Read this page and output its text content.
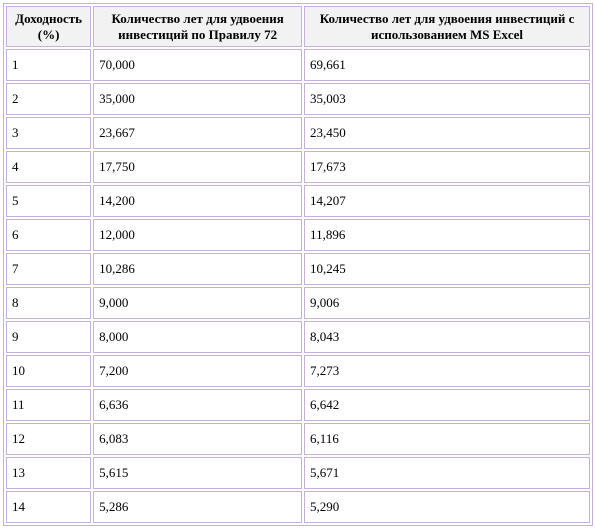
Доходность (%)	Количество лет для удвоения инвестиций по Правилу 72	Количество лет для удвоения инвестиций с использованием MS Excel
1	70,000	69,661
2	35,000	35,003
3	23,667	23,450
4	17,750	17,673
5	14,200	14,207
6	12,000	11,896
7	10,286	10,245
8	9,000	9,006
9	8,000	8,043
10	7,200	7,273
11	6,636	6,642
12	6,083	6,116
13	5,615	5,671
14	5,286	5,290
